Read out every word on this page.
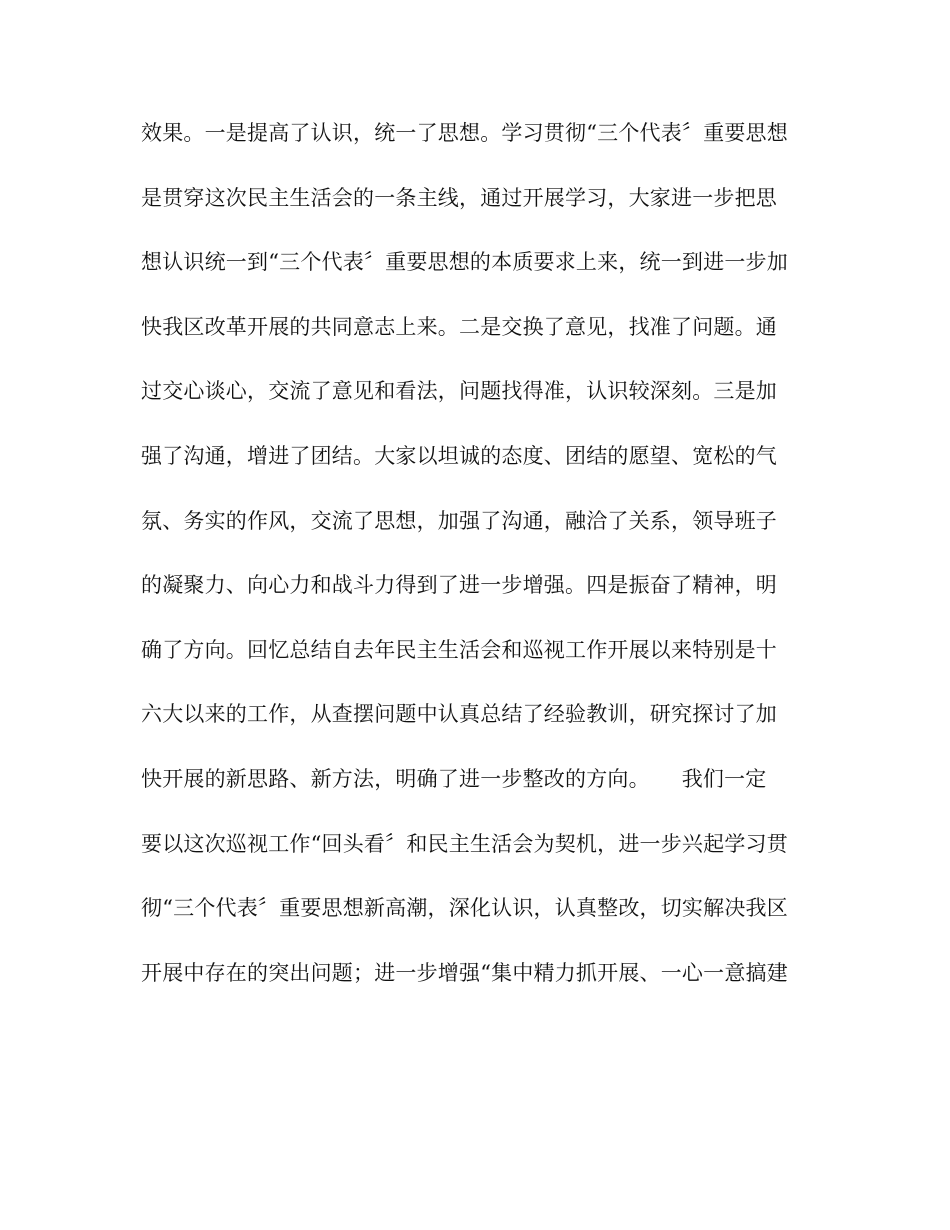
效果。一是提高了认识，统一了思想。学习贯彻“三个代表〞重要思想
是贯穿这次民主生活会的一条主线，通过开展学习，大家进一步把思
想认识统一到“三个代表〞重要思想的本质要求上来，统一到进一步加
快我区改革开展的共同意志上来。二是交换了意见，找准了问题。通
过交心谈心，交流了意见和看法，问题找得准，认识较深刻。三是加
强了沟通，增进了团结。大家以坦诚的态度、团结的愿望、宽松的气
氛、务实的作风，交流了思想，加强了沟通，融洽了关系，领导班子
的凝聚力、向心力和战斗力得到了进一步增强。四是振奋了精神，明
确了方向。回忆总结自去年民主生活会和巡视工作开展以来特别是十
六大以来的工作，从查摆问题中认真总结了经验教训，研究探讨了加
快开展的新思路、新方法，明确了进一步整改的方向。　　我们一定
要以这次巡视工作“回头看〞和民主生活会为契机，进一步兴起学习贯
彻“三个代表〞重要思想新高潮，深化认识，认真整改，切实解决我区
开展中存在的突出问题；进一步增强“集中精力抓开展、一心一意搞建
